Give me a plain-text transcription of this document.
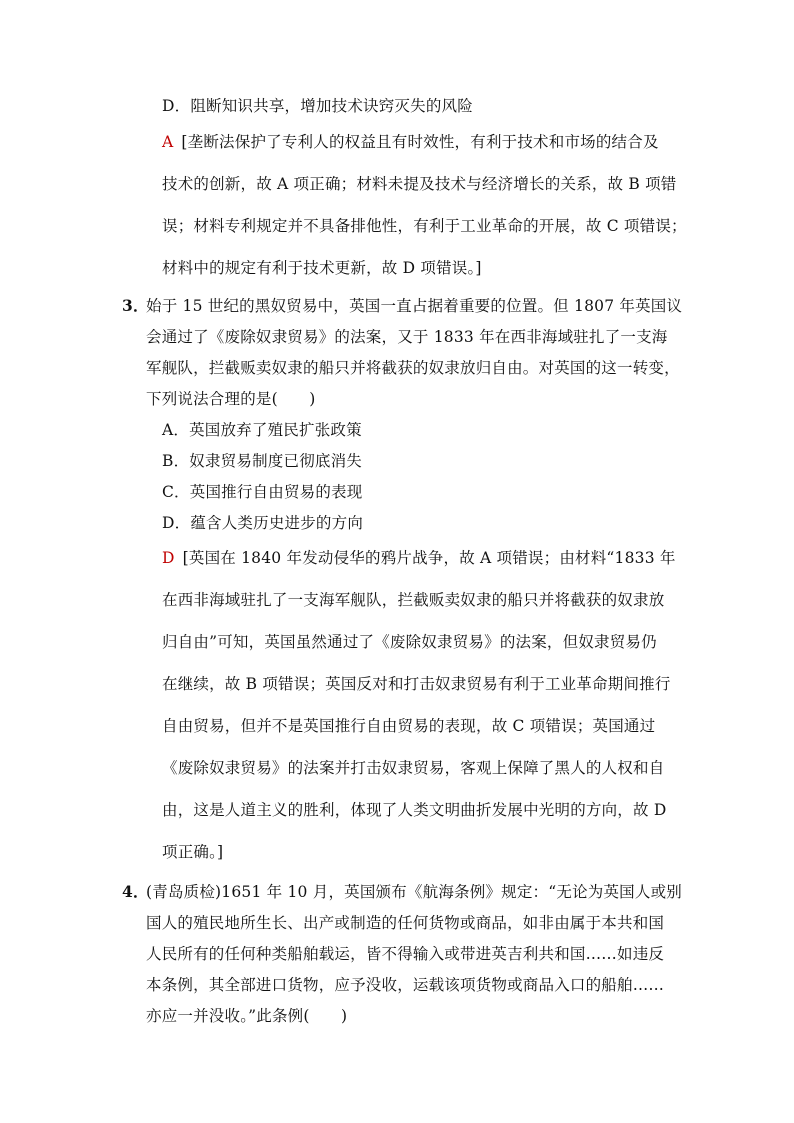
D．阻断知识共享，增加技术诀窍灭失的风险
A [垄断法保护了专利人的权益且有时效性，有利于技术和市场的结合及
技术的创新，故 A 项正确；材料未提及技术与经济增长的关系，故 B 项错
误；材料专利规定并不具备排他性，有利于工业革命的开展，故 C 项错误；
材料中的规定有利于技术更新，故 D 项错误。]
3．
始于 15 世纪的黑奴贸易中，英国一直占据着重要的位置。但 1807 年英国议
会通过了《废除奴隶贸易》的法案，又于 1833 年在西非海域驻扎了一支海
军舰队，拦截贩卖奴隶的船只并将截获的奴隶放归自由。对英国的这一转变，
下列说法合理的是(　　)
A．英国放弃了殖民扩张政策
B．奴隶贸易制度已彻底消失
C．英国推行自由贸易的表现
D．蕴含人类历史进步的方向
D [英国在 1840 年发动侵华的鸦片战争，故 A 项错误；由材料“1833 年
在西非海域驻扎了一支海军舰队，拦截贩卖奴隶的船只并将截获的奴隶放
归自由”可知，英国虽然通过了《废除奴隶贸易》的法案，但奴隶贸易仍
在继续，故 B 项错误；英国反对和打击奴隶贸易有利于工业革命期间推行
自由贸易，但并不是英国推行自由贸易的表现，故 C 项错误；英国通过
《废除奴隶贸易》的法案并打击奴隶贸易，客观上保障了黑人的人权和自
由，这是人道主义的胜利，体现了人类文明曲折发展中光明的方向，故 D
项正确。]
4．
(青岛质检)1651 年 10 月，英国颁布《航海条例》规定：“无论为英国人或别
国人的殖民地所生长、出产或制造的任何货物或商品，如非由属于本共和国
人民所有的任何种类船舶载运，皆不得输入或带进英吉利共和国……如违反
本条例，其全部进口货物，应予没收，运载该项货物或商品入口的船舶……
亦应一并没收。”此条例(　　)
